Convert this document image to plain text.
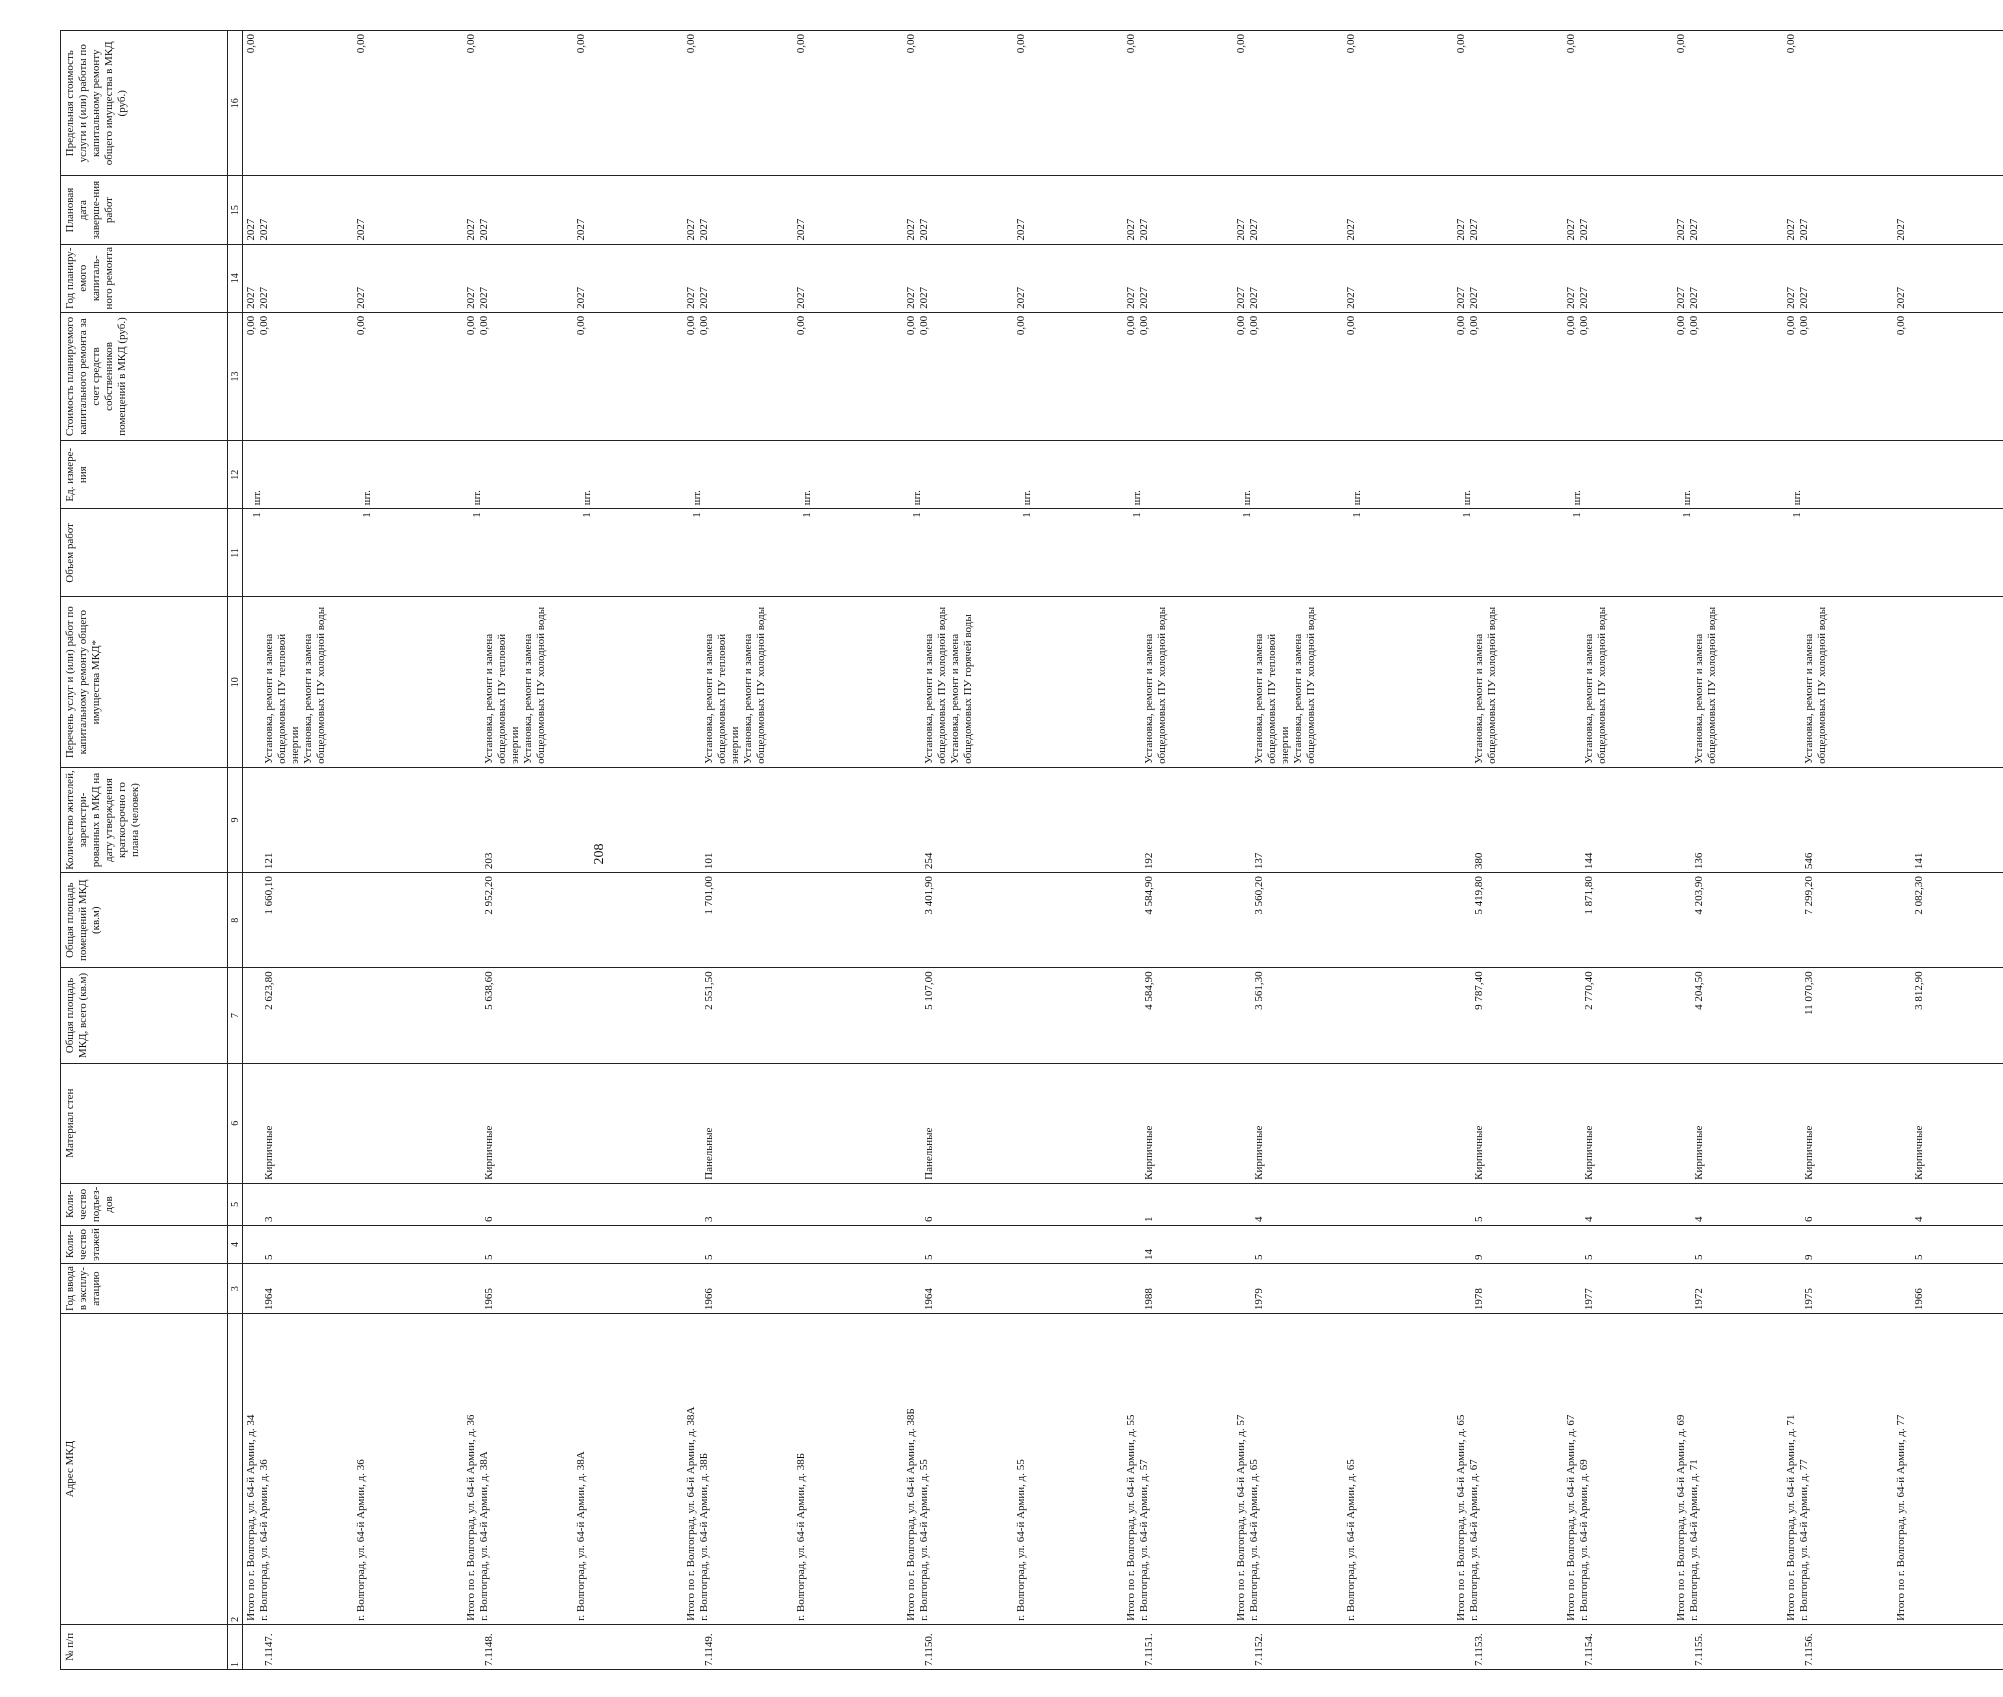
208
№ п/п	Адрес МКД	Год ввода в эксплу-атацию	Коли-чество этажей	Коли-чество подъез-дов	Материал стен	Общая площадь МКД, всего (кв.м)	Общая площадь помещений МКД (кв.м)	Количество жителей, зарегистри-рованных в МКД на дату утверждения краткосрочно го плана (человек)	Перечень услуг и (или) работ по капитальному ремонту общего имущества МКД*	Объем работ	Ед. измере-ния	Стоимость планируемого капитального ремонта за счет средств собственников помещений в МКД (руб.)	Год планиру-емого капиталь-ного ремонта	Плановая дата заверше-ния работ	Предельная стоимость услуги и (или) работы по капитальному ремонту общего имущества в МКД (руб.)
1	2	3	4	5	6	7	8	9	10	11	12	13	14	15	16
7.1147.	Итого по г. Волгоград, ул. 64-й Армии, д. 34 г. Волгоград, ул. 64-й Армии, д. 36	1964	5	3	Кирпичные	2 623,80	1 660,10	121	Установка, ремонт и замена общедомовых ПУ тепловой энергии Установка, ремонт и замена общедомовых ПУ холодной воды	1	шт.	0,00 0,00	2027 2027	2027 2027	0,00

	г. Волгоград, ул. 64-й Армии, д. 36									1	шт.	0,00	2027	2027	0,00
7.1148.	Итого по г. Волгоград, ул. 64-й Армии, д. 36 г. Волгоград, ул. 64-й Армии, д. 38А	1965	5	6	Кирпичные	5 638,60	2 952,20	203	Установка, ремонт и замена общедомовых ПУ тепловой энергии Установка, ремонт и замена общедомовых ПУ холодной воды	1	шт.	0,00 0,00	2027 2027	2027 2027	0,00

	г. Волгоград, ул. 64-й Армии, д. 38А									1	шт.	0,00	2027	2027	0,00
7.1149.	Итого по г. Волгоград, ул. 64-й Армии, д. 38А г. Волгоград, ул. 64-й Армии, д. 38Б	1966	5	3	Панельные	2 551,50	1 701,00	101	Установка, ремонт и замена общедомовых ПУ тепловой энергии Установка, ремонт и замена общедомовых ПУ холодной воды	1	шт.	0,00 0,00	2027 2027	2027 2027	0,00

	г. Волгоград, ул. 64-й Армии, д. 38Б									1	шт.	0,00	2027	2027	0,00
7.1150.	Итого по г. Волгоград, ул. 64-й Армии, д. 38Б г. Волгоград, ул. 64-й Армии, д. 55	1964	5	6	Панельные	5 107,00	3 401,90	254	Установка, ремонт и замена общедомовых ПУ холодной воды Установка, ремонт и замена общедомовых ПУ горячей воды	1	шт.	0,00 0,00	2027 2027	2027 2027	0,00

	г. Волгоград, ул. 64-й Армии, д. 55									1	шт.	0,00	2027	2027	0,00
7.1151.	Итого по г. Волгоград, ул. 64-й Армии, д. 55 г. Волгоград, ул. 64-й Армии, д. 57	1988	14	1	Кирпичные	4 584,90	4 584,90	192	Установка, ремонт и замена общедомовых ПУ холодной воды	1	шт.	0,00 0,00	2027 2027	2027 2027	0,00
7.1152.	Итого по г. Волгоград, ул. 64-й Армии, д. 57 г. Волгоград, ул. 64-й Армии, д. 65	1979	5	4	Кирпичные	3 561,30	3 560,20	137	Установка, ремонт и замена общедомовых ПУ тепловой энергии Установка, ремонт и замена общедомовых ПУ холодной воды	1	шт.	0,00 0,00	2027 2027	2027 2027	0,00

	г. Волгоград, ул. 64-й Армии, д. 65									1	шт.	0,00	2027	2027	0,00
7.1153.	Итого по г. Волгоград, ул. 64-й Армии, д. 65 г. Волгоград, ул. 64-й Армии, д. 67	1978	9	5	Кирпичные	9 787,40	5 419,80	380	Установка, ремонт и замена общедомовых ПУ холодной воды	1	шт.	0,00 0,00	2027 2027	2027 2027	0,00
7.1154.	Итого по г. Волгоград, ул. 64-й Армии, д. 67 г. Волгоград, ул. 64-й Армии, д. 69	1977	5	4	Кирпичные	2 770,40	1 871,80	144	Установка, ремонт и замена общедомовых ПУ холодной воды	1	шт.	0,00 0,00	2027 2027	2027 2027	0,00
7.1155.	Итого по г. Волгоград, ул. 64-й Армии, д. 69 г. Волгоград, ул. 64-й Армии, д. 71	1972	5	4	Кирпичные	4 204,50	4 203,90	136	Установка, ремонт и замена общедомовых ПУ холодной воды	1	шт.	0,00 0,00	2027 2027	2027 2027	0,00
7.1156.	Итого по г. Волгоград, ул. 64-й Армии, д. 71 г. Волгоград, ул. 64-й Армии, д. 77	1975	9	6	Кирпичные	11 070,30	7 299,20	546	Установка, ремонт и замена общедомовых ПУ холодной воды	1	шт.	0,00 0,00	2027 2027	2027 2027	0,00

	Итого по г. Волгоград, ул. 64-й Армии, д. 77	1966	5	4	Кирпичные	3 812,90	2 082,30	141				0,00	2027	2027	
